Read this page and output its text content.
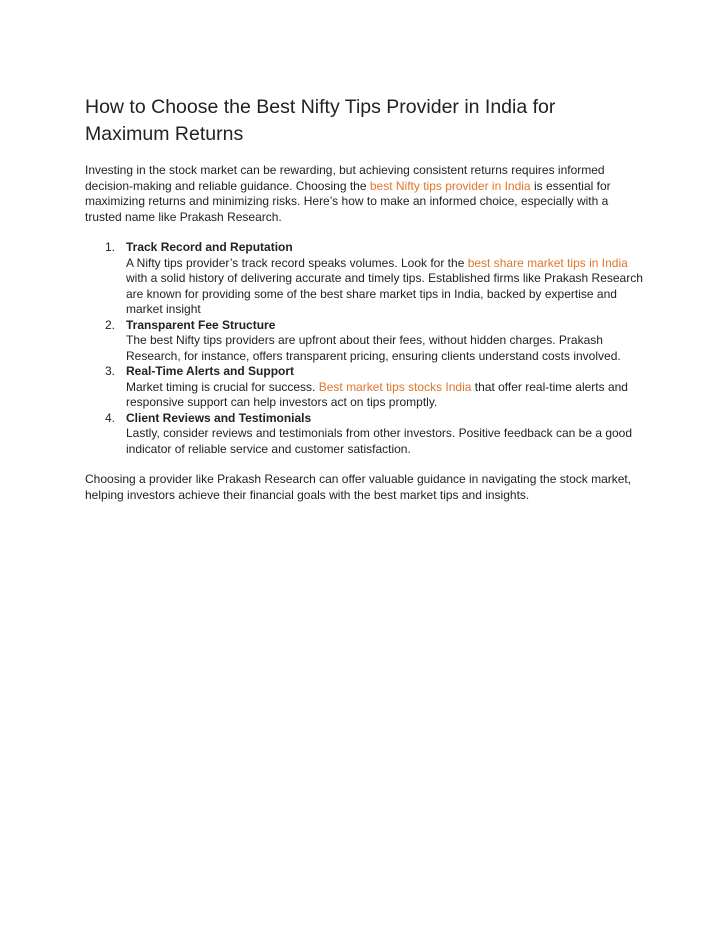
How to Choose the Best Nifty Tips Provider in India for Maximum Returns

Investing in the stock market can be rewarding, but achieving consistent returns requires informed decision-making and reliable guidance. Choosing the best Nifty tips provider in India is essential for maximizing returns and minimizing risks. Here’s how to make an informed choice, especially with a trusted name like Prakash Research.

1. Track Record and Reputation
A Nifty tips provider’s track record speaks volumes. Look for the best share market tips in India with a solid history of delivering accurate and timely tips. Established firms like Prakash Research are known for providing some of the best share market tips in India, backed by expertise and market insight
2. Transparent Fee Structure
The best Nifty tips providers are upfront about their fees, without hidden charges. Prakash Research, for instance, offers transparent pricing, ensuring clients understand costs involved.
3. Real-Time Alerts and Support
Market timing is crucial for success. Best market tips stocks India that offer real-time alerts and responsive support can help investors act on tips promptly.
4. Client Reviews and Testimonials
Lastly, consider reviews and testimonials from other investors. Positive feedback can be a good indicator of reliable service and customer satisfaction.

Choosing a provider like Prakash Research can offer valuable guidance in navigating the stock market, helping investors achieve their financial goals with the best market tips and insights.
